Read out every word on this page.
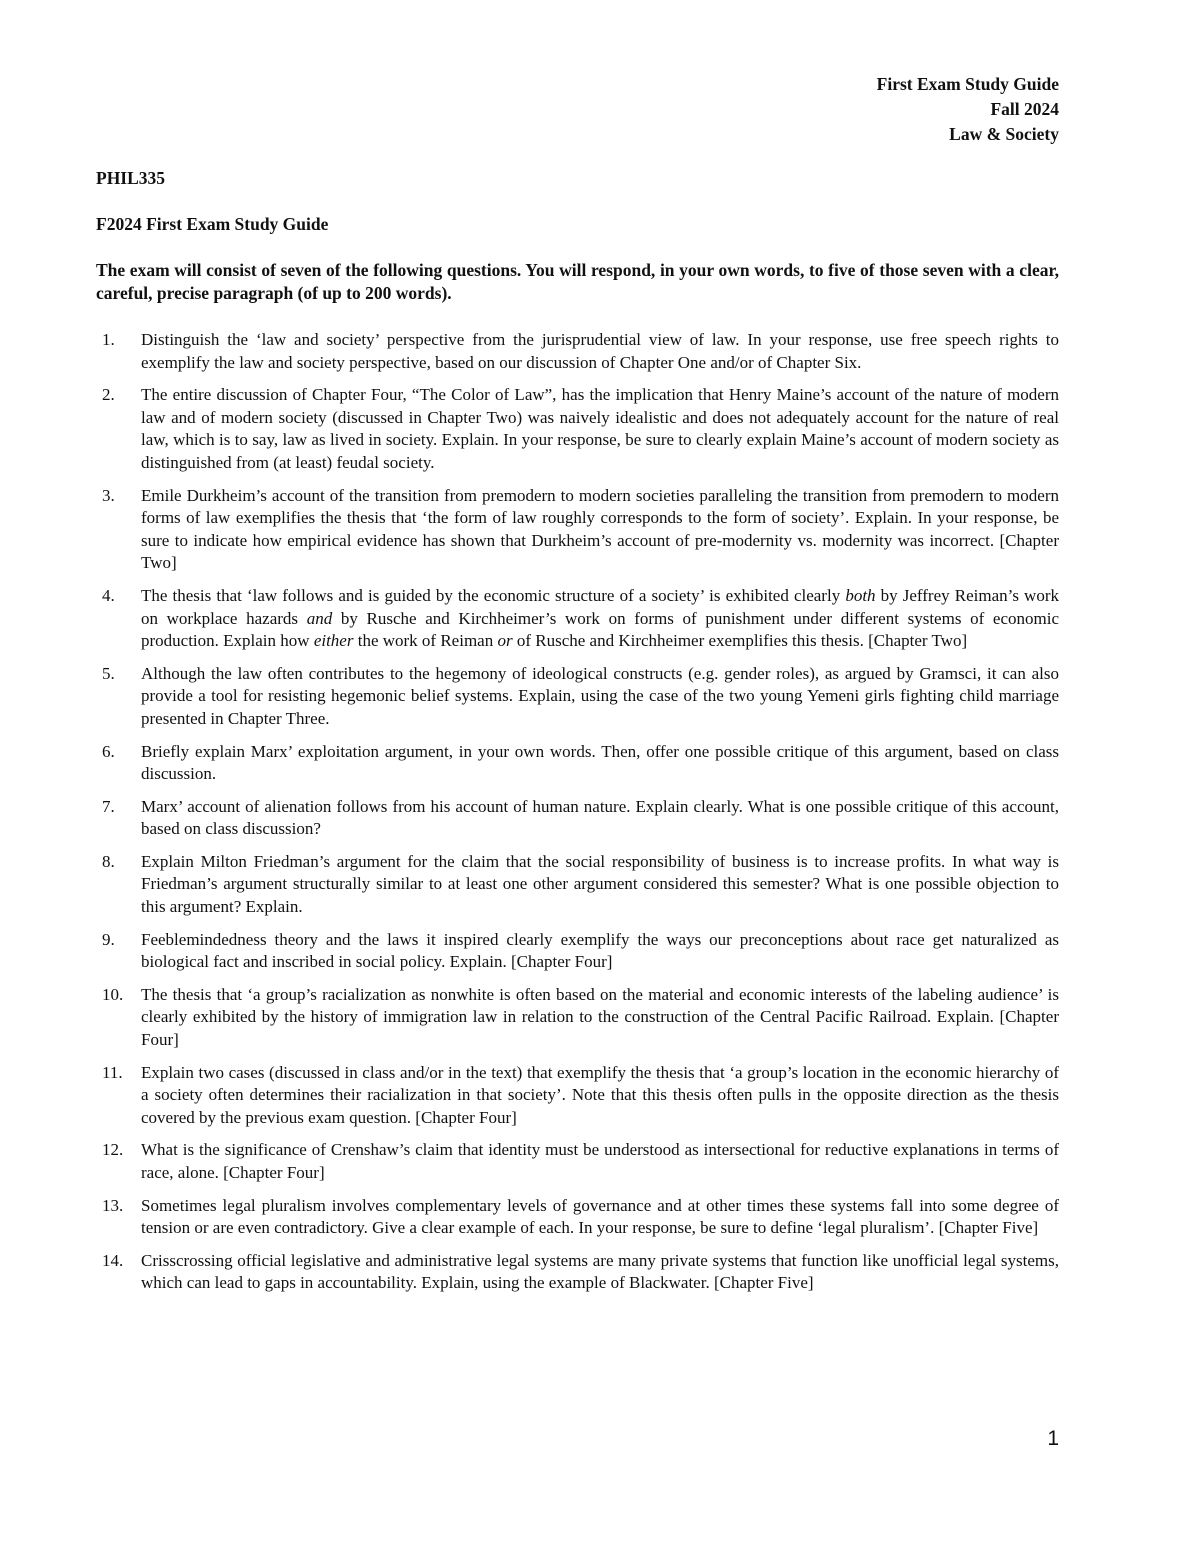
First Exam Study Guide
Fall 2024
Law & Society
PHIL335
F2024 First Exam Study Guide
The exam will consist of seven of the following questions. You will respond, in your own words, to five of those seven with a clear, careful, precise paragraph (of up to 200 words).
1.	Distinguish the ‘law and society’ perspective from the jurisprudential view of law. In your response, use free speech rights to exemplify the law and society perspective, based on our discussion of Chapter One and/or of Chapter Six.
2.	The entire discussion of Chapter Four, “The Color of Law”, has the implication that Henry Maine’s account of the nature of modern law and of modern society (discussed in Chapter Two) was naively idealistic and does not adequately account for the nature of real law, which is to say, law as lived in society. Explain. In your response, be sure to clearly explain Maine’s account of modern society as distinguished from (at least) feudal society.
3.	Emile Durkheim’s account of the transition from premodern to modern societies paralleling the transition from premodern to modern forms of law exemplifies the thesis that ‘the form of law roughly corresponds to the form of society’. Explain. In your response, be sure to indicate how empirical evidence has shown that Durkheim’s account of pre-modernity vs. modernity was incorrect. [Chapter Two]
4.	The thesis that ‘law follows and is guided by the economic structure of a society’ is exhibited clearly both by Jeffrey Reiman’s work on workplace hazards and by Rusche and Kirchheimer’s work on forms of punishment under different systems of economic production. Explain how either the work of Reiman or of Rusche and Kirchheimer exemplifies this thesis. [Chapter Two]
5.	Although the law often contributes to the hegemony of ideological constructs (e.g. gender roles), as argued by Gramsci, it can also provide a tool for resisting hegemonic belief systems. Explain, using the case of the two young Yemeni girls fighting child marriage presented in Chapter Three.
6.	Briefly explain Marx’ exploitation argument, in your own words. Then, offer one possible critique of this argument, based on class discussion.
7.	Marx’ account of alienation follows from his account of human nature. Explain clearly. What is one possible critique of this account, based on class discussion?
8.	Explain Milton Friedman’s argument for the claim that the social responsibility of business is to increase profits. In what way is Friedman’s argument structurally similar to at least one other argument considered this semester? What is one possible objection to this argument? Explain.
9.	Feeblemindedness theory and the laws it inspired clearly exemplify the ways our preconceptions about race get naturalized as biological fact and inscribed in social policy. Explain. [Chapter Four]
10.	The thesis that ‘a group’s racialization as nonwhite is often based on the material and economic interests of the labeling audience’ is clearly exhibited by the history of immigration law in relation to the construction of the Central Pacific Railroad. Explain. [Chapter Four]
11.	Explain two cases (discussed in class and/or in the text) that exemplify the thesis that ‘a group’s location in the economic hierarchy of a society often determines their racialization in that society’. Note that this thesis often pulls in the opposite direction as the thesis covered by the previous exam question. [Chapter Four]
12.	What is the significance of Crenshaw’s claim that identity must be understood as intersectional for reductive explanations in terms of race, alone. [Chapter Four]
13.	Sometimes legal pluralism involves complementary levels of governance and at other times these systems fall into some degree of tension or are even contradictory. Give a clear example of each. In your response, be sure to define ‘legal pluralism’. [Chapter Five]
14.	Crisscrossing official legislative and administrative legal systems are many private systems that function like unofficial legal systems, which can lead to gaps in accountability. Explain, using the example of Blackwater. [Chapter Five]
1
